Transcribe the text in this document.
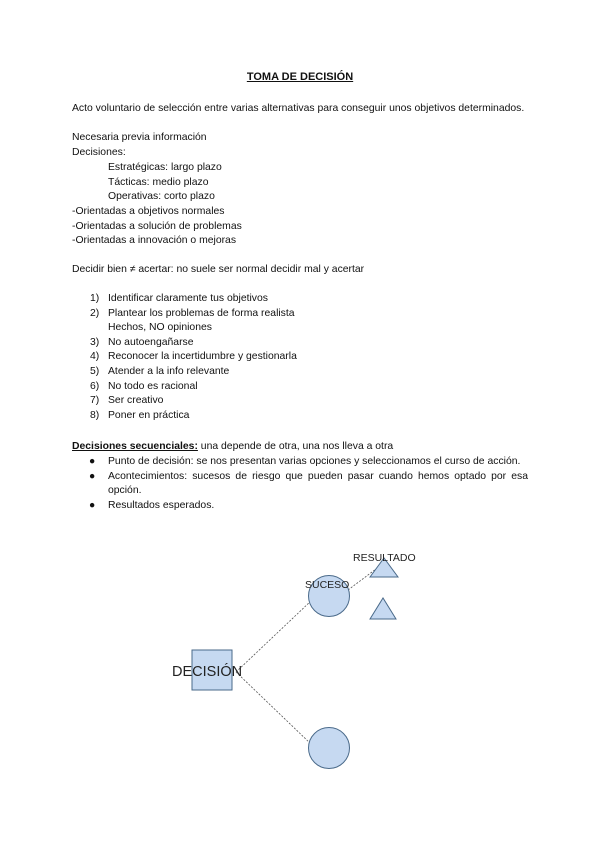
TOMA DE DECISIÓN
Acto voluntario de selección entre varias alternativas para conseguir unos objetivos determinados.
Necesaria previa información
Decisiones:
Estratégicas: largo plazo
Tácticas: medio plazo
Operativas: corto plazo
-Orientadas a objetivos normales
-Orientadas a solución de problemas
-Orientadas a innovación o mejoras
Decidir bien ≠ acertar: no suele ser normal decidir mal y acertar
1) Identificar claramente tus objetivos
2) Plantear los problemas de forma realista
Hechos, NO opiniones
3) No autoengañarse
4) Reconocer la incertidumbre y gestionarla
5) Atender a la info relevante
6) No todo es racional
7) Ser creativo
8) Poner en práctica
Decisiones secuenciales: una depende de otra, una nos lleva a otra
● Punto de decisión: se nos presentan varias opciones y seleccionamos el curso de acción.
● Acontecimientos: sucesos de riesgo que pueden pasar cuando hemos optado por esa opción.
● Resultados esperados.
DECISIÓN
SUCESO
RESULTADO
